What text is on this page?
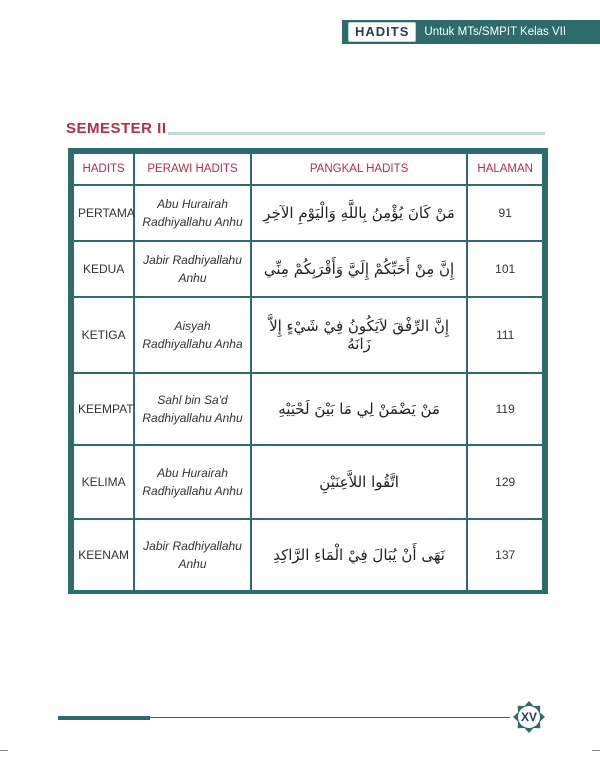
HADITS	Untuk MTs/SMPIT Kelas VII
SEMESTER II
HADITS	PERAWI HADITS	PANGKAL HADITS	HALAMAN
PERTAMA	Abu Hurairah Radhiyallahu Anhu	مَنْ كَانَ يُؤْمِنُ بِاللَّهِ وَالْيَوْمِ الآخِرِ	91
KEDUA	Jabir Radhiyallahu Anhu	إِنَّ مِنْ أَحَبِّكُمْ إِلَيَّ وَأَقْرَبِكُمْ مِنِّي	101
KETIGA	Aisyah Radhiyallahu Anha	إِنَّ الرِّفْقَ لاَيَكُونُ فِيْ شَيْءٍ إِلاَّ زَانَهُ	111
KEEMPAT	Sahl bin Sa'd Radhiyallahu Anhu	مَنْ يَضْمَنْ لِي مَا بَيْنَ لَحْيَيْهِ	119
KELIMA	Abu Hurairah Radhiyallahu Anhu	اتَّقُوا اللاَّعِنَيْنِ	129
KEENAM	Jabir Radhiyallahu Anhu	نَهَى أَنْ يُبَالَ فِيْ الْمَاءِ الرَّاكِدِ	137
XV
